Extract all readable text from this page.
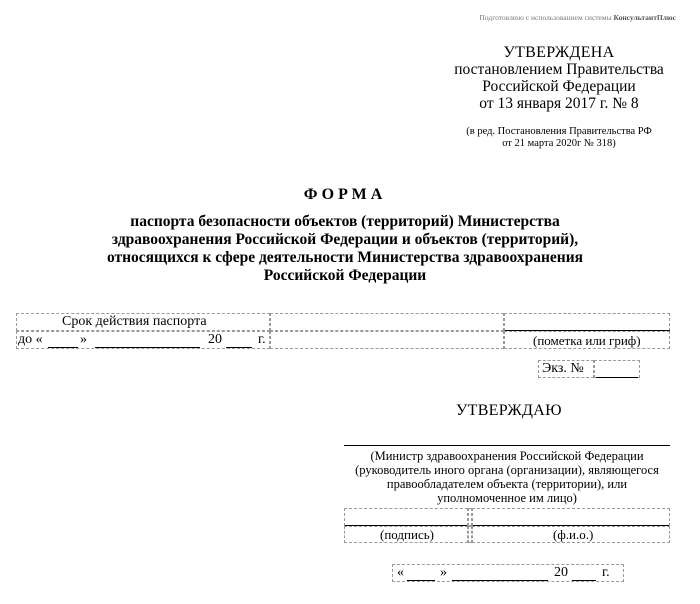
Подготовлено с использованием системы КонсультантПлюс
УТВЕРЖДЕНА
постановлением Правительства
Российской Федерации
от 13 января 2017 г. № 8
(в ред. Постановления Правительства РФ
от 21 марта 2020г № 318)
ФОРМА
паспорта безопасности объектов (территорий) Министерства
здравоохранения Российской Федерации и объектов (территорий),
относящихся к сфере деятельности Министерства здравоохранения
Российской Федерации
Срок действия паспорта
до «	»	20	г.	(пометка или гриф)
Экз. №
УТВЕРЖДАЮ
(Министр здравоохранения Российской Федерации
(руководитель иного органа (организации), являющегося
правообладателем объекта (территории), или
уполномоченное им лицо)
(подпись)	(ф.и.о.)
«	»	20 г.
